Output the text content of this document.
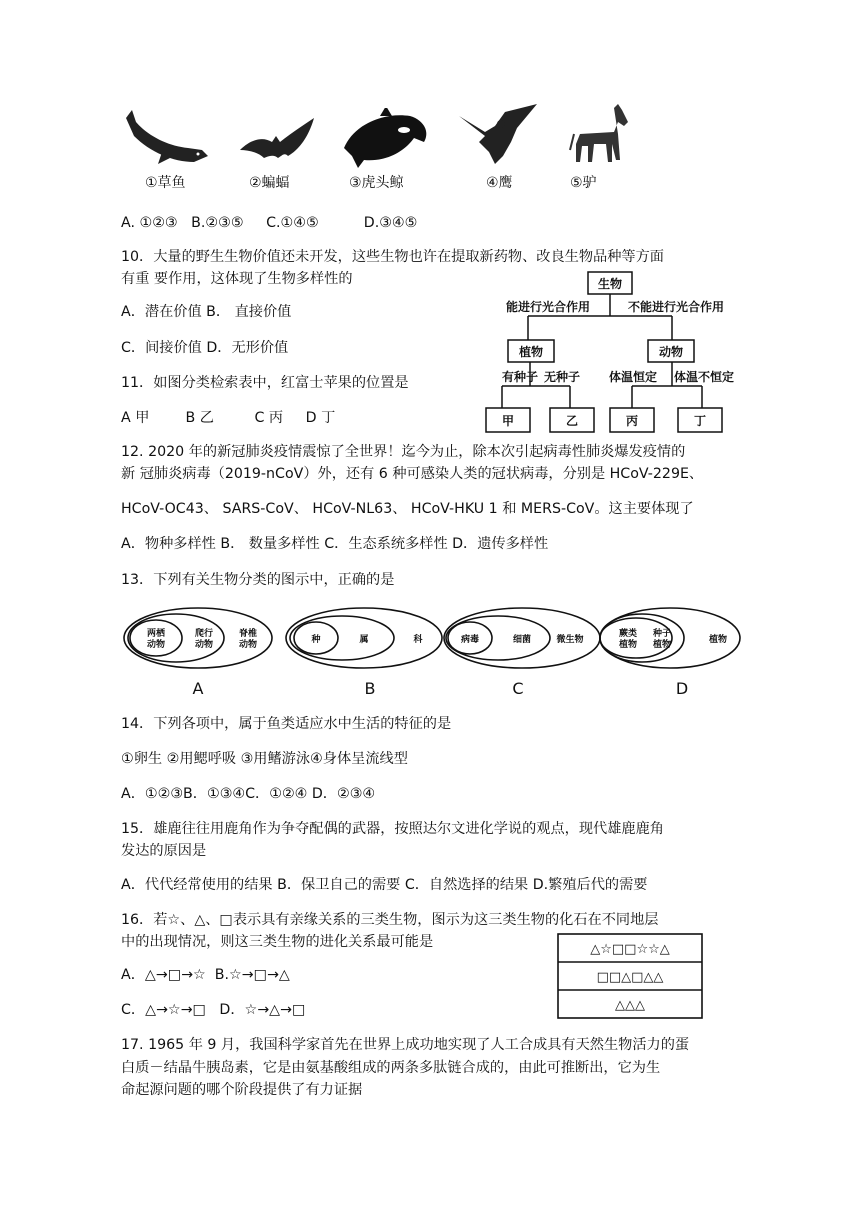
①草鱼	②蝙蝠	③虎头鲸	④鹰	⑤驴
A. ①②③   B.②③⑤     C.①④⑤          D.③④⑤
10．大量的野生生物价值还未开发，这些生物也许在提取新药物、改良生物品种等方面
有重 要作用，这体现了生物多样性的
A．潜在价值 B． 直接价值
C．间接价值 D．无形价值
生物
能进行光合作用	不能进行光合作用
植物	动物
有种子 无种子 体温恒定 体温不恒定
甲	乙	丙	丁
11．如图分类检索表中，红富士苹果的位置是
A 甲        B 乙         C 丙     D 丁
12. 2020 年的新冠肺炎疫情震惊了全世界！迄今为止，除本次引起病毒性肺炎爆发疫情的
新 冠肺炎病毒（2019-nCoV）外，还有 6 种可感染人类的冠状病毒，分别是 HCoV-229E、
HCoV-OC43、 SARS-CoV、 HCoV-NL63、 HCoV-HKU 1 和 MERS-CoV。这主要体现了
A．物种多样性 B． 数量多样性 C．生态系统多样性 D．遗传多样性
13．下列有关生物分类的图示中，正确的是
两栖动物
爬行动物
脊椎动物	种	属	科	病毒	细菌	微生物
蕨类植物
种子植物	植物
A	B	C	D
14．下列各项中，属于鱼类适应水中生活的特征的是
①卵生 ②用鳃呼吸 ③用鳍游泳④身体呈流线型
A．①②③B．①③④C．①②④ D．②③④
15．雄鹿往往用鹿角作为争夺配偶的武器，按照达尔文进化学说的观点，现代雄鹿鹿角
发达的原因是
A．代代经常使用的结果 B．保卫自己的需要 C．自然选择的结果 D.繁殖后代的需要
16．若☆、△、□表示具有亲缘关系的三类生物，图示为这三类生物的化石在不同地层
中的出现情况，则这三类生物的进化关系最可能是
A．△→□→☆  B.☆→□→△
C．△→☆→□   D．☆→△→□
△☆□□☆☆△
□□△□△△
△△△
17. 1965 年 9 月，我国科学家首先在世界上成功地实现了人工合成具有天然生物活力的蛋
白质－结晶牛胰岛素，它是由氨基酸组成的两条多肽链合成的，由此可推断出，它为生
命起源问题的哪个阶段提供了有力证据
